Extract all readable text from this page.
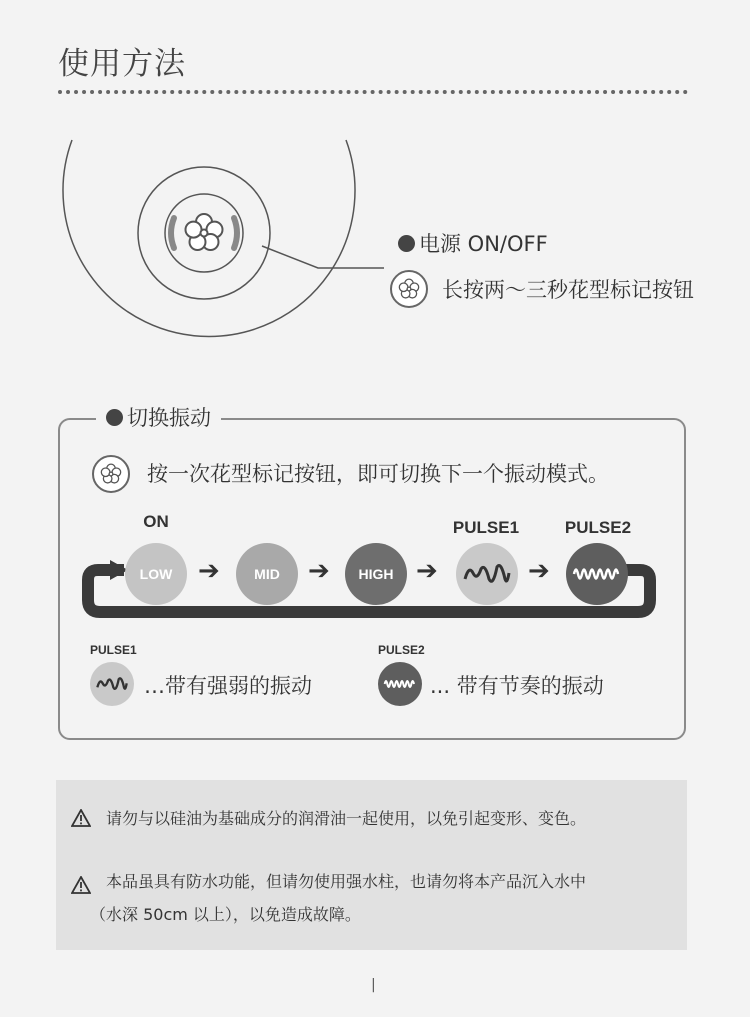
使用方法
电源 ON/OFF
长按两～三秒花型标记按钮
切换振动
按一次花型标记按钮，即可切换下一个振动模式。
ON	PULSE1	PULSE2
LOW ➔ MID ➔ HIGH ➔	➔
PULSE1
…带有强弱的振动
PULSE2
... 带有节奏的振动
请勿与以硅油为基础成分的润滑油一起使用，以免引起变形、变色。
本品虽具有防水功能，但请勿使用强水柱，也请勿将本产品沉入水中
（水深 50cm 以上），以免造成故障。
|
